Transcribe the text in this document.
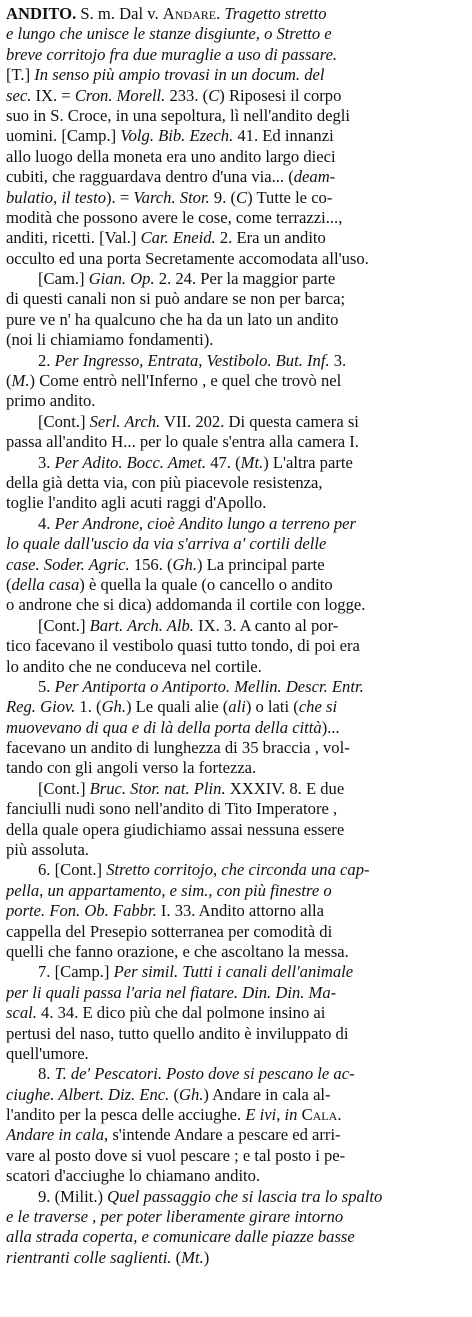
ANDITO. S. m. Dal v. Andare. Tragetto stretto
e lungo che unisce le stanze disgiunte, o Stretto e
breve corritojo fra due muraglie a uso di passare.
[T.] In senso più ampio trovasi in un docum. del
sec. IX. = Cron. Morell. 233. (C) Riposesi il corpo
suo in S. Croce, in una sepoltura, lì nell'andito degli
uomini. [Camp.] Volg. Bib. Ezech. 41. Ed innanzi
allo luogo della moneta era uno andito largo dieci
cubiti, che ragguardava dentro d'una via... (deam-
bulatio, il testo). = Varch. Stor. 9. (C) Tutte le co-
modità che possono avere le cose, come terrazzi...,
anditi, ricetti. [Val.] Car. Eneid. 2. Era un andito
occulto ed una porta Secretamente accomodata all'uso.
[Cam.] Gian. Op. 2. 24. Per la maggior parte
di questi canali non si può andare se non per barca;
pure ve n' ha qualcuno che ha da un lato un andito
(noi li chiamiamo fondamenti).
2. Per Ingresso, Entrata, Vestibolo. But. Inf. 3.
(M.) Come entrò nell'Inferno , e quel che trovò nel
primo andito.
[Cont.] Serl. Arch. VII. 202. Di questa camera si
passa all'andito H... per lo quale s'entra alla camera I.
3. Per Adito. Bocc. Amet. 47. (Mt.) L'altra parte
della già detta via, con più piacevole resistenza,
toglie l'andito agli acuti raggi d'Apollo.
4. Per Androne, cioè Andito lungo a terreno per
lo quale dall'uscio da via s'arriva a' cortili delle
case. Soder. Agric. 156. (Gh.) La principal parte
(della casa) è quella la quale (o cancello o andito
o androne che si dica) addomanda il cortile con logge.
[Cont.] Bart. Arch. Alb. IX. 3. A canto al por-
tico facevano il vestibolo quasi tutto tondo, di poi era
lo andito che ne conduceva nel cortile.
5. Per Antiporta o Antiporto. Mellin. Descr. Entr.
Reg. Giov. 1. (Gh.) Le quali alie (ali) o lati (che si
muovevano di qua e di là della porta della città)...
facevano un andito di lunghezza di 35 braccia , vol-
tando con gli angoli verso la fortezza.
[Cont.] Bruc. Stor. nat. Plin. XXXIV. 8. E due
fanciulli nudi sono nell'andito di Tito Imperatore ,
della quale opera giudichiamo assai nessuna essere
più assoluta.
6. [Cont.] Stretto corritojo, che circonda una cap-
pella, un appartamento, e sim., con più finestre o
porte. Fon. Ob. Fabbr. I. 33. Andito attorno alla
cappella del Presepio sotterranea per comodità di
quelli che fanno orazione, e che ascoltano la messa.
7. [Camp.] Per simil. Tutti i canali dell'animale
per li quali passa l'aria nel fiatare. Din. Din. Ma-
scal. 4. 34. E dico più che dal polmone insino ai
pertusi del naso, tutto quello andito è inviluppato di
quell'umore.
8. T. de' Pescatori. Posto dove si pescano le ac-
ciughe. Albert. Diz. Enc. (Gh.) Andare in cala al-
l'andito per la pesca delle acciughe. E ivi, in Cala.
Andare in cala, s'intende Andare a pescare ed arri-
vare al posto dove si vuol pescare ; e tal posto i pe-
scatori d'acciughe lo chiamano andito.
9. (Milit.) Quel passaggio che si lascia tra lo spalto
e le traverse , per poter liberamente girare intorno
alla strada coperta, e comunicare dalle piazze basse
rientranti colle saglienti. (Mt.)
